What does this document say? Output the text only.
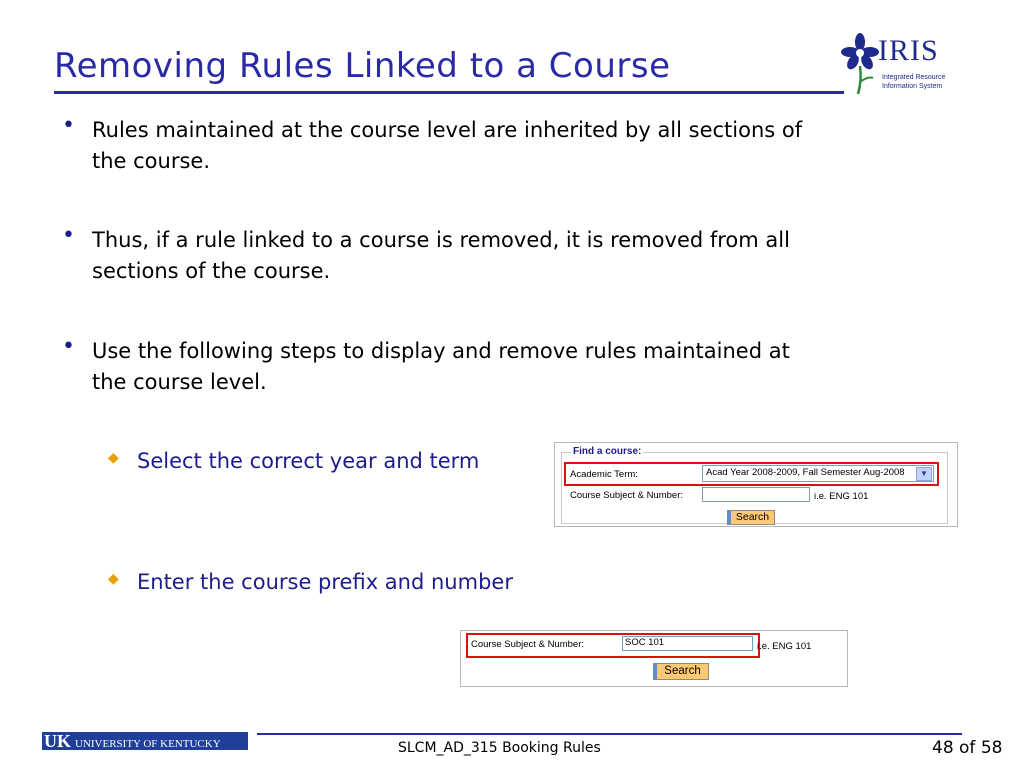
Removing Rules Linked to a Course	IRIS
Integrated Resource
Information System
• Rules maintained at the course level are inherited by all sections of
the course.
• Thus, if a rule linked to a course is removed, it is removed from all
sections of the course.
• Use the following steps to display and remove rules maintained at
the course level.
◆ Select the correct year and term
◆ Enter the course prefix and number
Find a course:
Academic Term:	Acad Year 2008-2009, Fall Semester Aug-2008	▼
Course Subject & Number:	i.e. ENG 101
Search
Course Subject & Number:	SOC 101	i.e. ENG 101
Search
UK UNIVERSITY OF KENTUCKY	SLCM_AD_315 Booking Rules	48 of 58
